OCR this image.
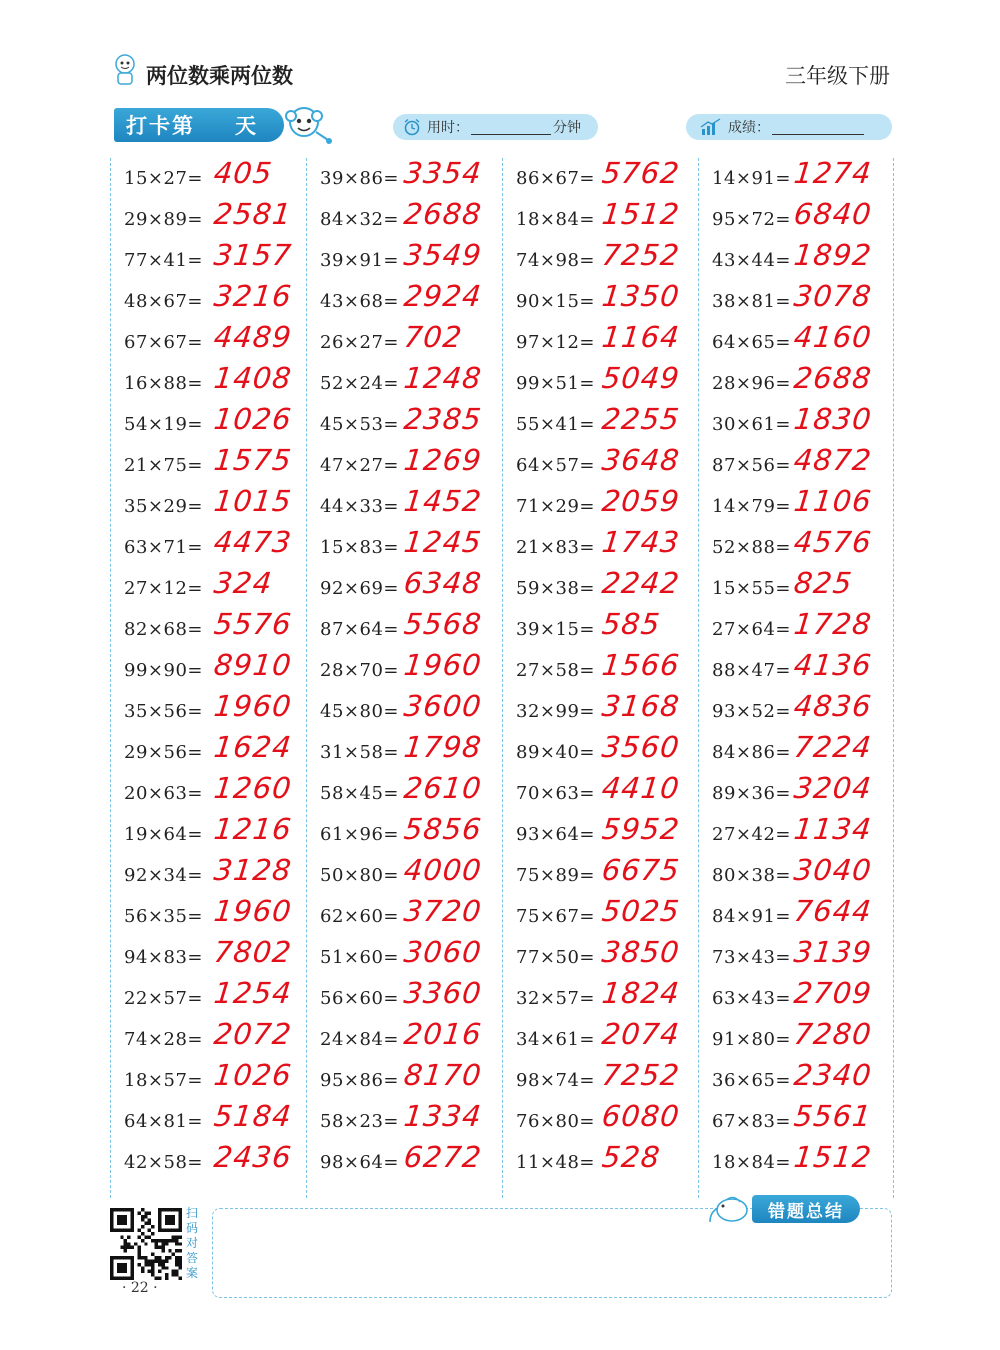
两位数乘两位数	三年级下册
打卡第 天	用时：	分钟	成绩：
15×27= 405
29×89= 2581
77×41= 3157
48×67= 3216
67×67= 4489
16×88= 1408
54×19= 1026
21×75= 1575
35×29= 1015
63×71= 4473
27×12= 324
82×68= 5576
99×90= 8910
35×56= 1960
29×56= 1624
20×63= 1260
19×64= 1216
92×34= 3128
56×35= 1960
94×83= 7802
22×57= 1254
74×28= 2072
18×57= 1026
64×81= 5184
42×58= 2436
39×86= 3354
84×32= 2688
39×91= 3549
43×68= 2924
26×27= 702
52×24= 1248
45×53= 2385
47×27= 1269
44×33= 1452
15×83= 1245
92×69= 6348
87×64= 5568
28×70= 1960
45×80= 3600
31×58= 1798
58×45= 2610
61×96= 5856
50×80= 4000
62×60= 3720
51×60= 3060
56×60= 3360
24×84= 2016
95×86= 8170
58×23= 1334
98×64= 6272
86×67= 5762
18×84= 1512
74×98= 7252
90×15= 1350
97×12= 1164
99×51= 5049
55×41= 2255
64×57= 3648
71×29= 2059
21×83= 1743
59×38= 2242
39×15= 585
27×58= 1566
32×99= 3168
89×40= 3560
70×63= 4410
93×64= 5952
75×89= 6675
75×67= 5025
77×50= 3850
32×57= 1824
34×61= 2074
98×74= 7252
76×80= 6080
11×48= 528
14×91= 1274
95×72= 6840
43×44= 1892
38×81= 3078
64×65= 4160
28×96= 2688
30×61= 1830
87×56= 4872
14×79= 1106
52×88= 4576
15×55= 825
27×64= 1728
88×47= 4136
93×52= 4836
84×86= 7224
89×36= 3204
27×42= 1134
80×38= 3040
84×91= 7644
73×43= 3139
63×43= 2709
91×80= 7280
36×65= 2340
67×83= 5561
18×84= 1512
错题总结
扫码对答案
· 22 ·
